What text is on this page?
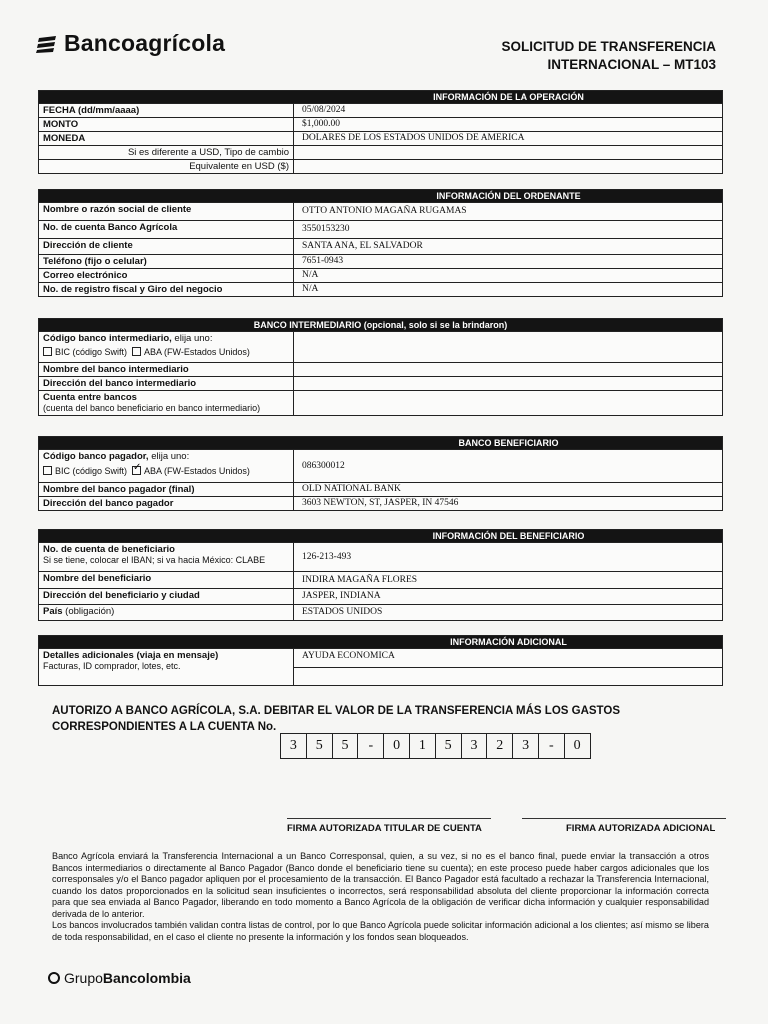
Bancoagrícola	SOLICITUD DE TRANSFERENCIA
INTERNACIONAL – MT103
INFORMACIÓN DE LA OPERACIÓN
FECHA (dd/mm/aaaa)	05/08/2024
MONTO	$1,000.00
MONEDA	DOLARES DE LOS ESTADOS UNIDOS DE AMERICA
Si es diferente a USD, Tipo de cambio
Equivalente en USD ($)
INFORMACIÓN DEL ORDENANTE
Nombre o razón social de cliente	OTTO ANTONIO MAGAÑA RUGAMAS
No. de cuenta Banco Agrícola	3550153230
Dirección de cliente	SANTA ANA, EL SALVADOR
Teléfono (fijo o celular)	7651-0943
Correo electrónico	N/A
No. de registro fiscal y Giro del negocio	N/A
BANCO INTERMEDIARIO (opcional, solo si se la brindaron)
Código banco intermediario, elija uno:
BIC (código Swift) ABA (FW-Estados Unidos)
Nombre del banco intermediario
Dirección del banco intermediario
Cuenta entre bancos
(cuenta del banco beneficiario en banco intermediario)
BANCO BENEFICIARIO
Código banco pagador, elija uno:
BIC (código Swift)  ✓ ABA (FW-Estados Unidos)
086300012
Nombre del banco pagador (final)	OLD NATIONAL BANK
Dirección del banco pagador	3603 NEWTON, ST, JASPER, IN 47546
INFORMACIÓN DEL BENEFICIARIO
No. de cuenta de beneficiario
Si se tiene, colocar el IBAN; si va hacia México: CLABE	126-213-493
Nombre del beneficiario	INDIRA MAGAÑA FLORES
Dirección del beneficiario y ciudad	JASPER, INDIANA
País (obligación)	ESTADOS UNIDOS
INFORMACIÓN ADICIONAL
Detalles adicionales (viaja en mensaje)
Facturas, ID comprador, lotes, etc.
AYUDA ECONOMICA
AUTORIZO A BANCO AGRÍCOLA, S.A. DEBITAR EL VALOR DE LA TRANSFERENCIA MÁS LOS GASTOS
CORRESPONDIENTES A LA CUENTA No.
3	5	5	-	0	1	5	3	2	3	-	0
FIRMA AUTORIZADA TITULAR DE CUENTA	FIRMA AUTORIZADA ADICIONAL

Banco Agrícola enviará la Transferencia Internacional a un Banco Corresponsal, quien, a su vez, si no es el banco final, puede enviar la transacción a otros Bancos intermediarios o directamente al Banco Pagador (Banco donde el beneficiario tiene su cuenta); en este proceso puede haber cargos adicionales que los corresponsales y/o el Banco pagador apliquen por el procesamiento de la transacción. El Banco Pagador está facultado a rechazar la Transferencia Internacional, cuando los datos proporcionados en la solicitud sean insuficientes o incorrectos, será responsabilidad absoluta del cliente proporcionar la información correcta para que sea enviada al Banco Pagador, liberando en todo momento a Banco Agrícola de la obligación de verificar dicha información y cualquier responsabilidad derivada de lo anterior.

Los bancos involucrados también validan contra listas de control, por lo que Banco Agrícola puede solicitar información adicional a los clientes; así mismo se libera de toda responsabilidad, en el caso el cliente no presente la información y los fondos sean bloqueados.

Grupo Bancolombia
